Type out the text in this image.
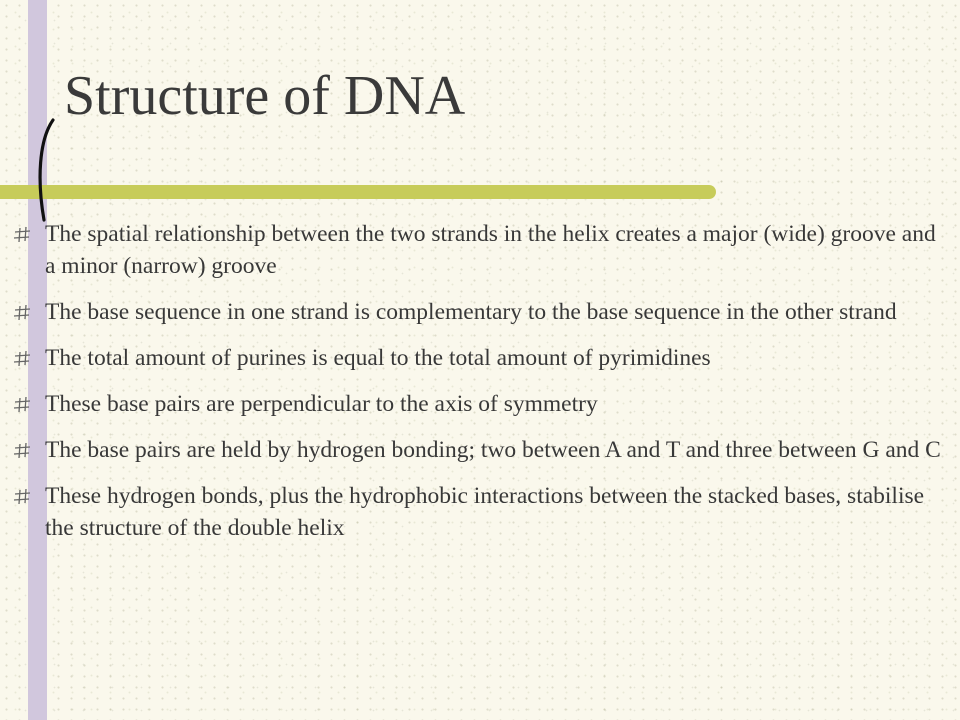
Structure of DNA
The spatial relationship between the two strands in the helix creates a major (wide) groove and a minor (narrow) groove
The base sequence in one strand is complementary to the base sequence in the other strand
The total amount of purines is equal to the total amount of pyrimidines
These base pairs are perpendicular to the axis of symmetry
The base pairs are held by hydrogen bonding; two between A and T and three between G and C
These hydrogen bonds, plus the hydrophobic interactions between the stacked bases, stabilise the structure of the double helix
